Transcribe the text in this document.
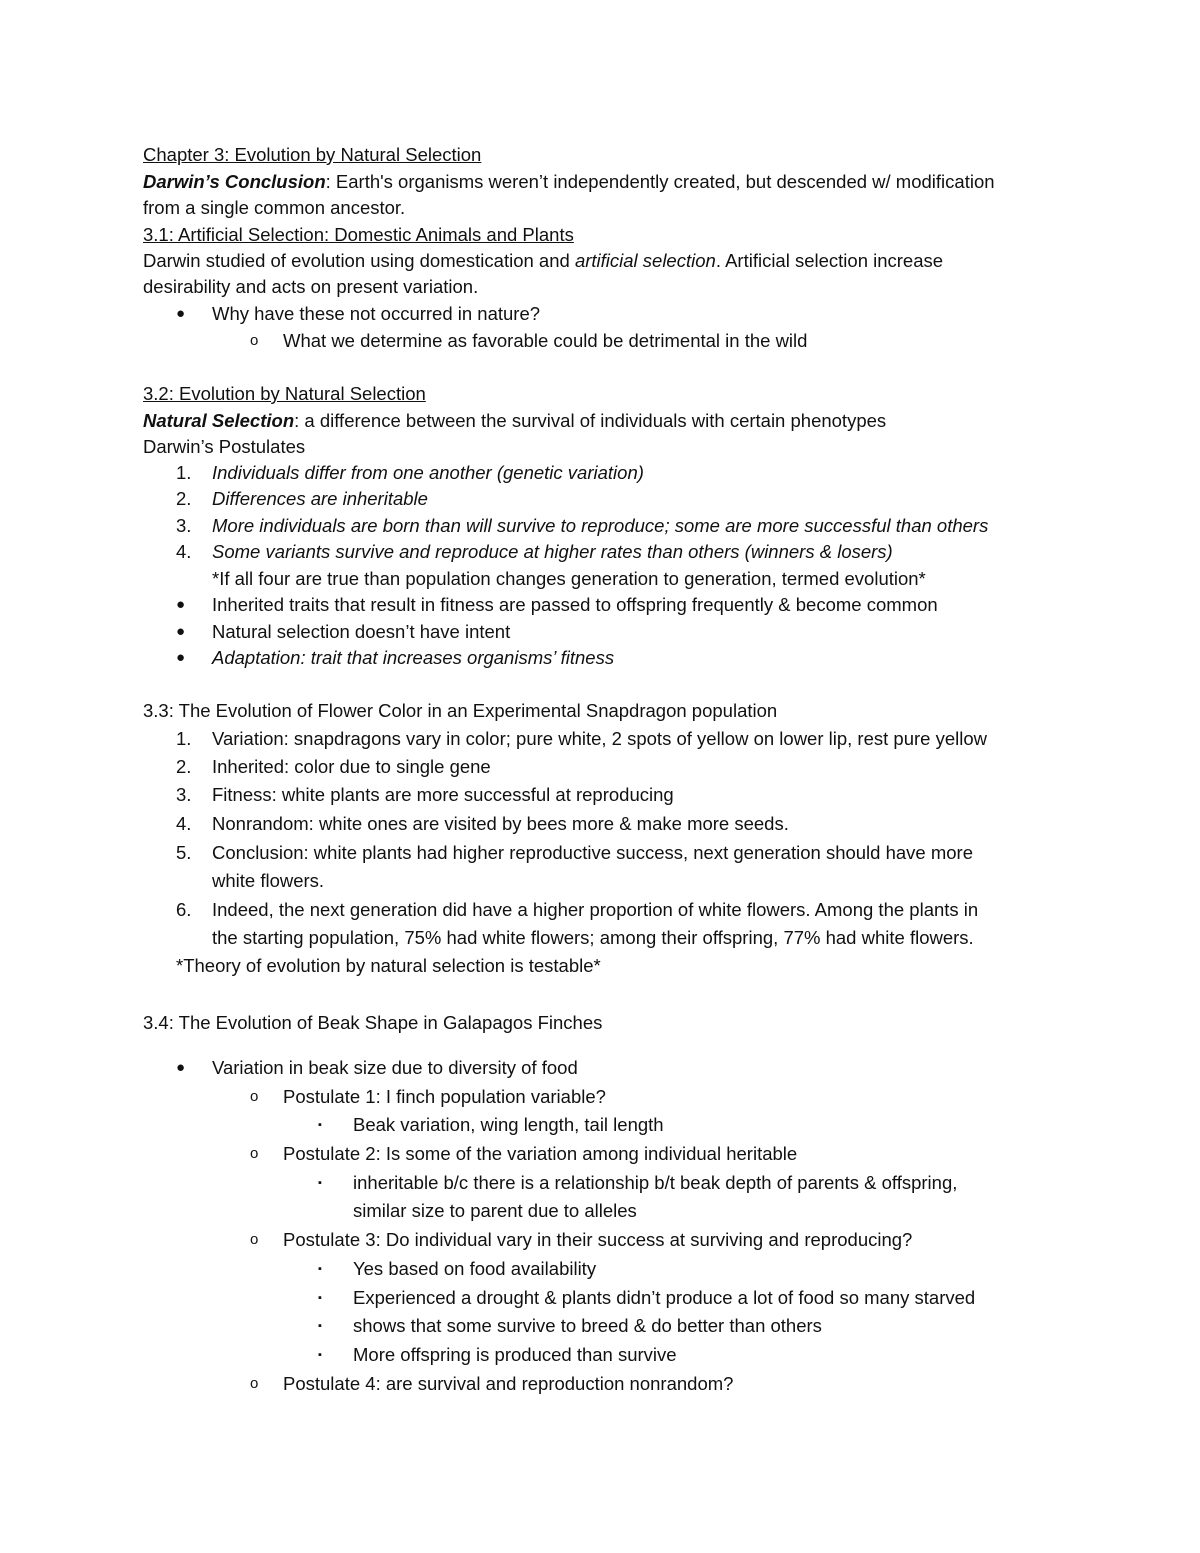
Chapter 3: Evolution by Natural Selection
Darwin’s Conclusion: Earth's organisms weren’t independently created, but descended w/ modification
from a single common ancestor.
3.1: Artificial Selection: Domestic Animals and Plants
Darwin studied of evolution using domestication and artificial selection. Artificial selection increase
desirability and acts on present variation.
● Why have these not occurred in nature?
o What we determine as favorable could be detrimental in the wild
3.2: Evolution by Natural Selection
Natural Selection: a difference between the survival of individuals with certain phenotypes
Darwin’s Postulates
1. Individuals differ from one another (genetic variation)
2. Differences are inheritable
3. More individuals are born than will survive to reproduce; some are more successful than others
4. Some variants survive and reproduce at higher rates than others (winners & losers)
*If all four are true than population changes generation to generation, termed evolution*
● Inherited traits that result in fitness are passed to offspring frequently & become common
● Natural selection doesn’t have intent
● Adaptation: trait that increases organisms’ fitness
3.3: The Evolution of Flower Color in an Experimental Snapdragon population
1. Variation: snapdragons vary in color; pure white, 2 spots of yellow on lower lip, rest pure yellow
2. Inherited: color due to single gene
3. Fitness: white plants are more successful at reproducing
4. Nonrandom: white ones are visited by bees more & make more seeds.
5. Conclusion: white plants had higher reproductive success, next generation should have more
white flowers.
6. Indeed, the next generation did have a higher proportion of white flowers. Among the plants in
the starting population, 75% had white flowers; among their offspring, 77% had white flowers.
*Theory of evolution by natural selection is testable*
3.4: The Evolution of Beak Shape in Galapagos Finches
● Variation in beak size due to diversity of food
o Postulate 1: I finch population variable?
▪ Beak variation, wing length, tail length
o Postulate 2: Is some of the variation among individual heritable
▪ inheritable b/c there is a relationship b/t beak depth of parents & offspring,
similar size to parent due to alleles
o Postulate 3: Do individual vary in their success at surviving and reproducing?
▪ Yes based on food availability
▪ Experienced a drought & plants didn’t produce a lot of food so many starved
▪ shows that some survive to breed & do better than others
▪ More offspring is produced than survive
o Postulate 4: are survival and reproduction nonrandom?
